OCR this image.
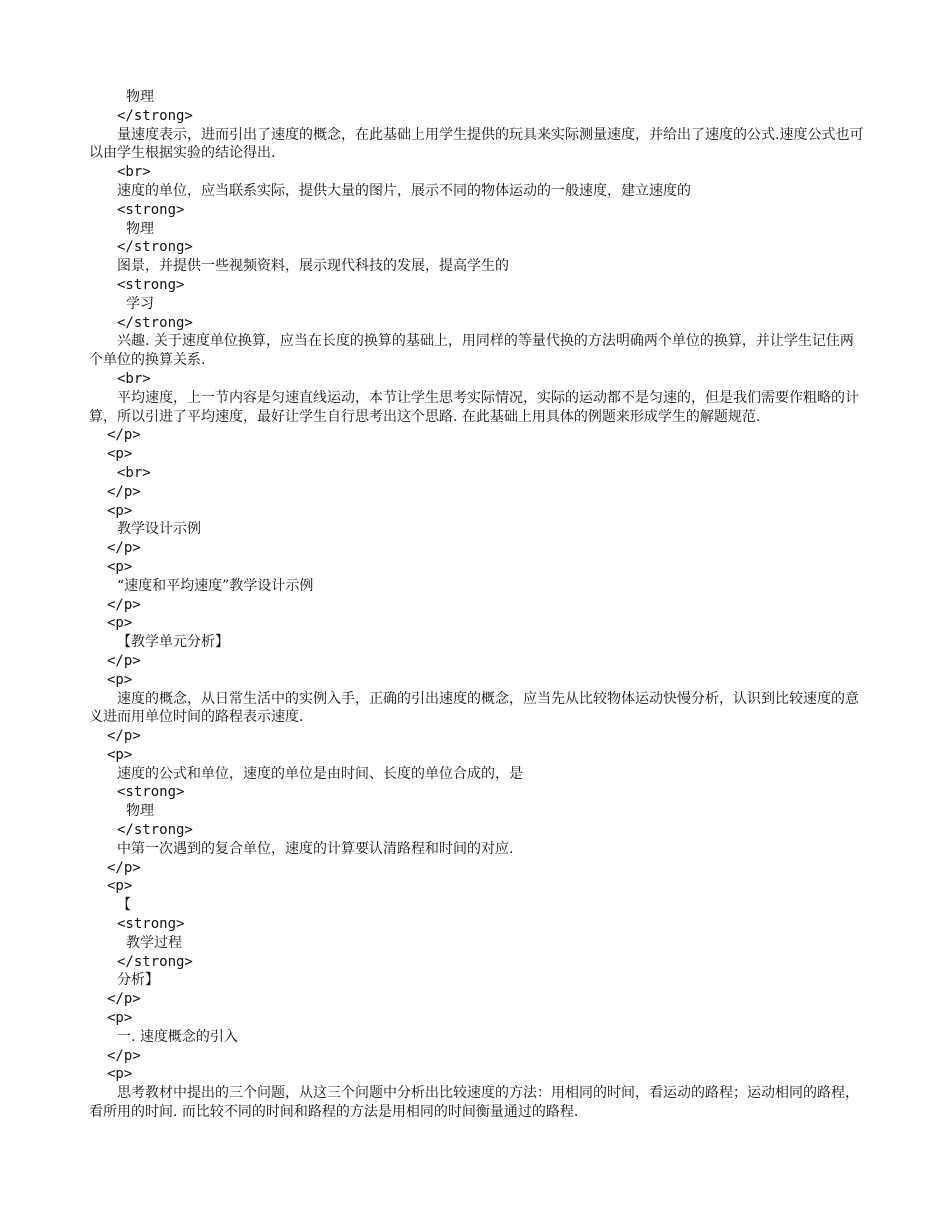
物理
</strong>
量速度表示，进而引出了速度的概念，在此基础上用学生提供的玩具来实际测量速度，并给出了速度的公式.速度公式也可以由学生根据实验的结论得出.
<br>
速度的单位，应当联系实际，提供大量的图片，展示不同的物体运动的一般速度，建立速度的
<strong>
物理
</strong>
图景，并提供一些视频资料，展示现代科技的发展，提高学生的
<strong>
学习
</strong>
兴趣. 关于速度单位换算，应当在长度的换算的基础上，用同样的等量代换的方法明确两个单位的换算，并让学生记住两个单位的换算关系.
<br>
平均速度，上一节内容是匀速直线运动，本节让学生思考实际情况，实际的运动都不是匀速的，但是我们需要作粗略的计算，所以引进了平均速度，最好让学生自行思考出这个思路. 在此基础上用具体的例题来形成学生的解题规范.
</p>
<p>
<br>
</p>
<p>
教学设计示例
</p>
<p>
“速度和平均速度”教学设计示例
</p>
<p>
【教学单元分析】
</p>
<p>
速度的概念，从日常生活中的实例入手，正确的引出速度的概念，应当先从比较物体运动快慢分析，认识到比较速度的意义进而用单位时间的路程表示速度.
</p>
<p>
速度的公式和单位，速度的单位是由时间、长度的单位合成的，是
<strong>
物理
</strong>
中第一次遇到的复合单位，速度的计算要认清路程和时间的对应.
</p>
<p>
【
<strong>
教学过程
</strong>
分析】
</p>
<p>
一. 速度概念的引入
</p>
<p>
思考教材中提出的三个问题，从这三个问题中分析出比较速度的方法：用相同的时间，看运动的路程；运动相同的路程，看所用的时间. 而比较不同的时间和路程的方法是用相同的时间衡量通过的路程.
